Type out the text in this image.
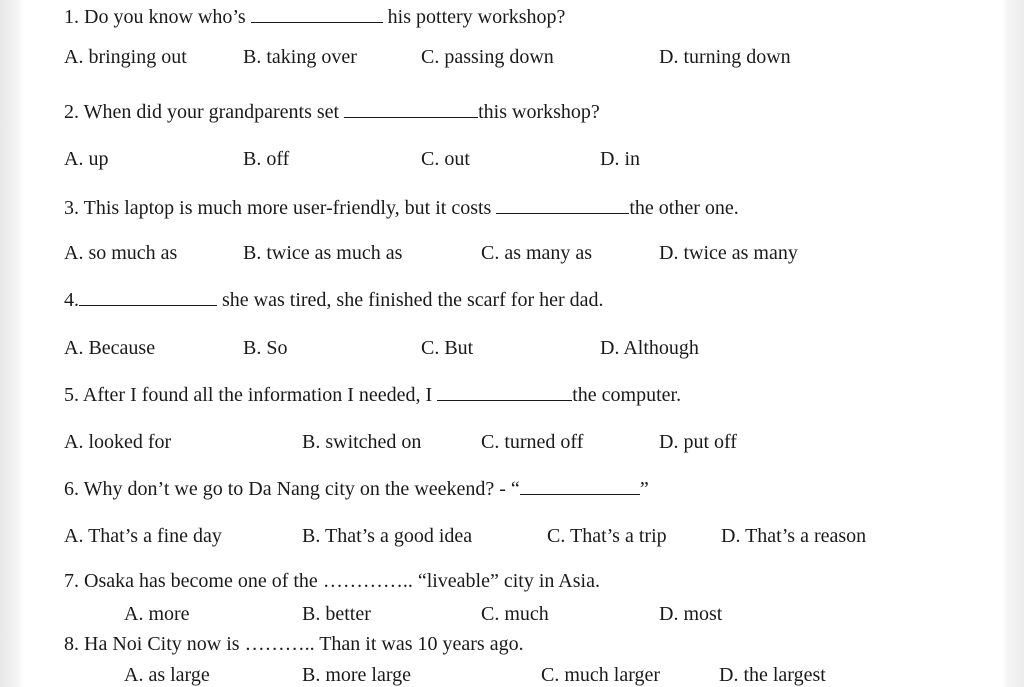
1. Do you know who’s	his pottery workshop?
A. bringing out	B. taking over	C. passing down	D. turning down
2. When did your grandparents set	this workshop?
A. up	B. off	C. out	D. in
3. This laptop is much more user-friendly, but it costs	the other one.
A. so much as	B. twice as much as	C. as many as	D. twice as many
4.	she was tired, she finished the scarf for her dad.
A. Because	B. So	C. But	D. Although
5. After I found all the information I needed, I	the computer.
A. looked for	B. switched on	C. turned off	D. put off
6. Why don’t we go to Da Nang city on the weekend? - “	”
A. That’s a fine day	B. That’s a good idea	C. That’s a trip	D. That’s a reason
7. Osaka has become one of the ………….. “liveable” city in Asia.
A. more	B. better	C. much	D. most
8. Ha Noi City now is ……….. Than it was 10 years ago.
A. as large	B. more large	C. much larger	D. the largest
